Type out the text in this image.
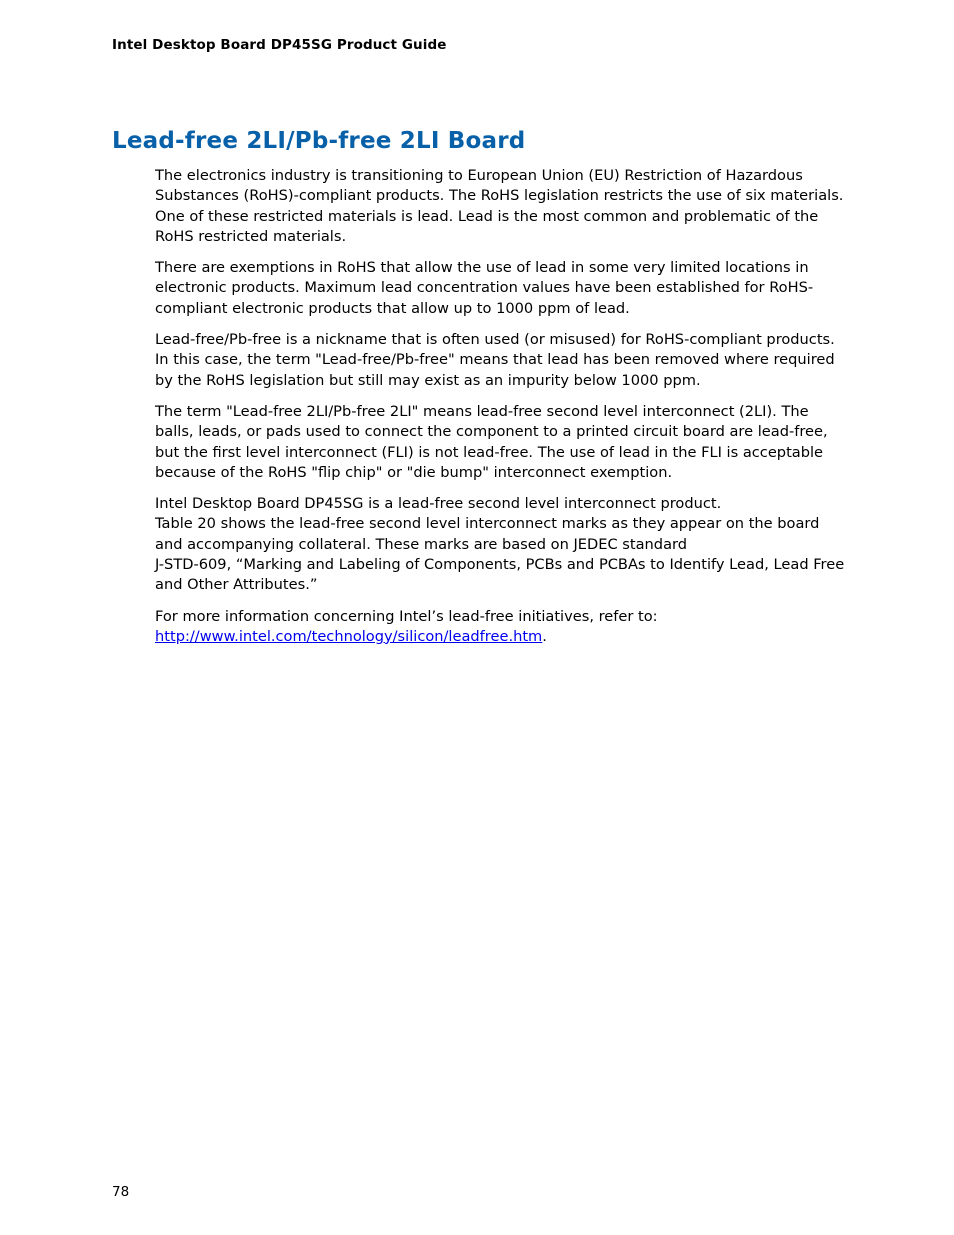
Intel Desktop Board DP45SG Product Guide
Lead-free 2LI/Pb-free 2LI Board

The electronics industry is transitioning to European Union (EU) Restriction of Hazardous Substances (RoHS)-compliant products. The RoHS legislation restricts the use of six materials. One of these restricted materials is lead. Lead is the most common and problematic of the RoHS restricted materials.

There are exemptions in RoHS that allow the use of lead in some very limited locations in electronic products. Maximum lead concentration values have been established for RoHS-compliant electronic products that allow up to 1000 ppm of lead.

Lead-free/Pb-free is a nickname that is often used (or misused) for RoHS-compliant products. In this case, the term "Lead-free/Pb-free" means that lead has been removed where required by the RoHS legislation but still may exist as an impurity below 1000 ppm.

The term "Lead-free 2LI/Pb-free 2LI" means lead-free second level interconnect (2LI). The balls, leads, or pads used to connect the component to a printed circuit board are lead-free, but the first level interconnect (FLI) is not lead-free. The use of lead in the FLI is acceptable because of the RoHS "flip chip" or "die bump" interconnect exemption.

Intel Desktop Board DP45SG is a lead-free second level interconnect product.
Table 20 shows the lead-free second level interconnect marks as they appear on the board and accompanying collateral. These marks are based on JEDEC standard
J-STD-609, “Marking and Labeling of Components, PCBs and PCBAs to Identify Lead, Lead Free and Other Attributes.”

For more information concerning Intel’s lead-free initiatives, refer to:
http://www.intel.com/technology/silicon/leadfree.htm.

78
